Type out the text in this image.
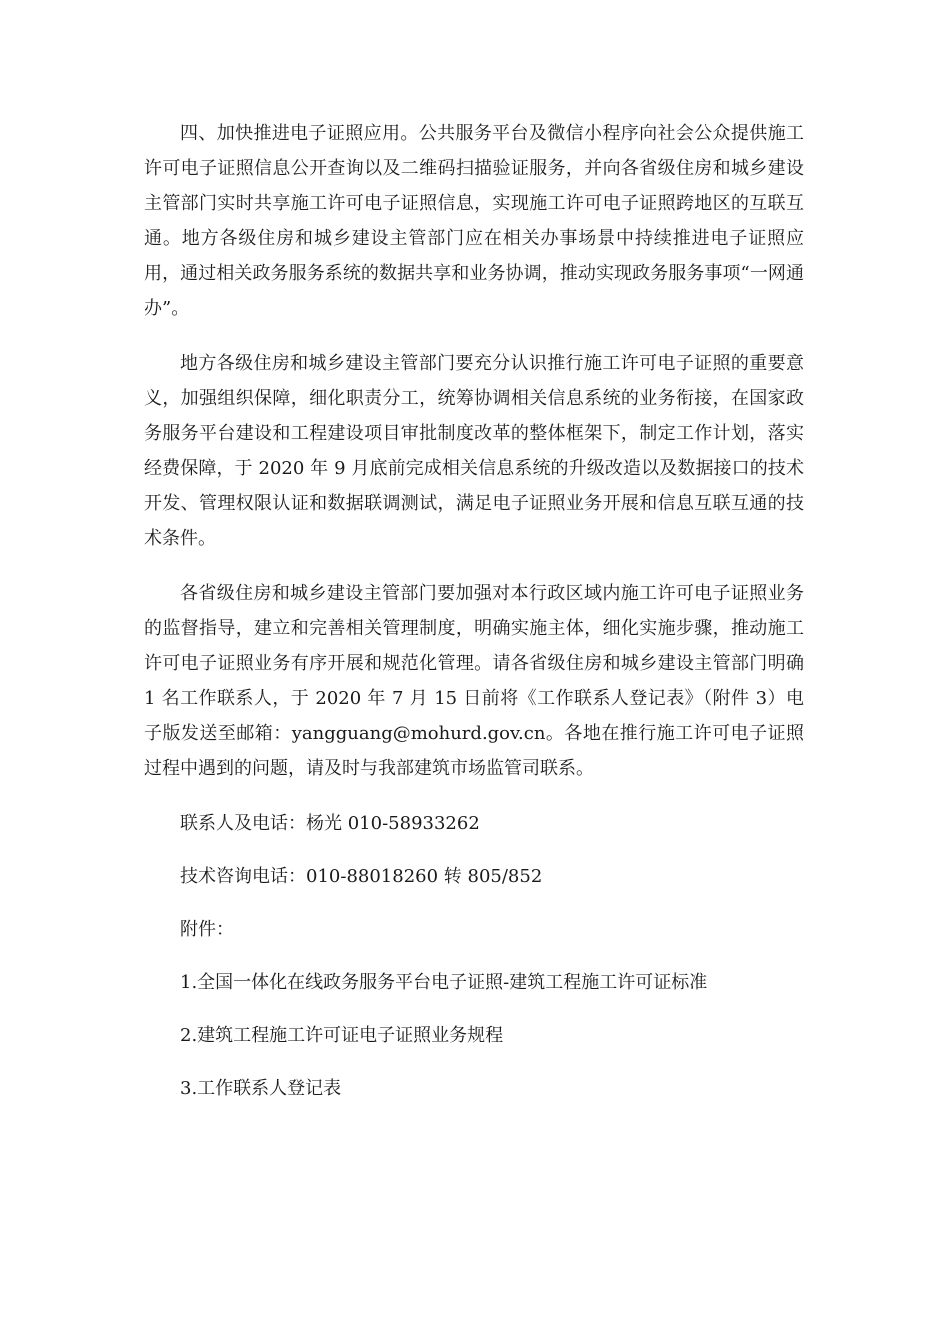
四、加快推进电子证照应用。公共服务平台及微信小程序向社会公众提供施工许可电子证照信息公开查询以及二维码扫描验证服务，并向各省级住房和城乡建设主管部门实时共享施工许可电子证照信息，实现施工许可电子证照跨地区的互联互通。地方各级住房和城乡建设主管部门应在相关办事场景中持续推进电子证照应用，通过相关政务服务系统的数据共享和业务协调，推动实现政务服务事项“一网通办”。

地方各级住房和城乡建设主管部门要充分认识推行施工许可电子证照的重要意义，加强组织保障，细化职责分工，统筹协调相关信息系统的业务衔接，在国家政务服务平台建设和工程建设项目审批制度改革的整体框架下，制定工作计划，落实经费保障，于 2020 年 9 月底前完成相关信息系统的升级改造以及数据接口的技术开发、管理权限认证和数据联调测试，满足电子证照业务开展和信息互联互通的技术条件。

各省级住房和城乡建设主管部门要加强对本行政区域内施工许可电子证照业务的监督指导，建立和完善相关管理制度，明确实施主体，细化实施步骤，推动施工许可电子证照业务有序开展和规范化管理。请各省级住房和城乡建设主管部门明确 1 名工作联系人，于 2020 年 7 月 15 日前将《工作联系人登记表》（附件 3）电子版发送至邮箱：yangguang@mohurd.gov.cn。各地在推行施工许可电子证照过程中遇到的问题，请及时与我部建筑市场监管司联系。

联系人及电话：杨光 010-58933262

技术咨询电话：010-88018260 转 805/852

附件：

1.全国一体化在线政务服务平台电子证照-建筑工程施工许可证标准

2.建筑工程施工许可证电子证照业务规程

3.工作联系人登记表
